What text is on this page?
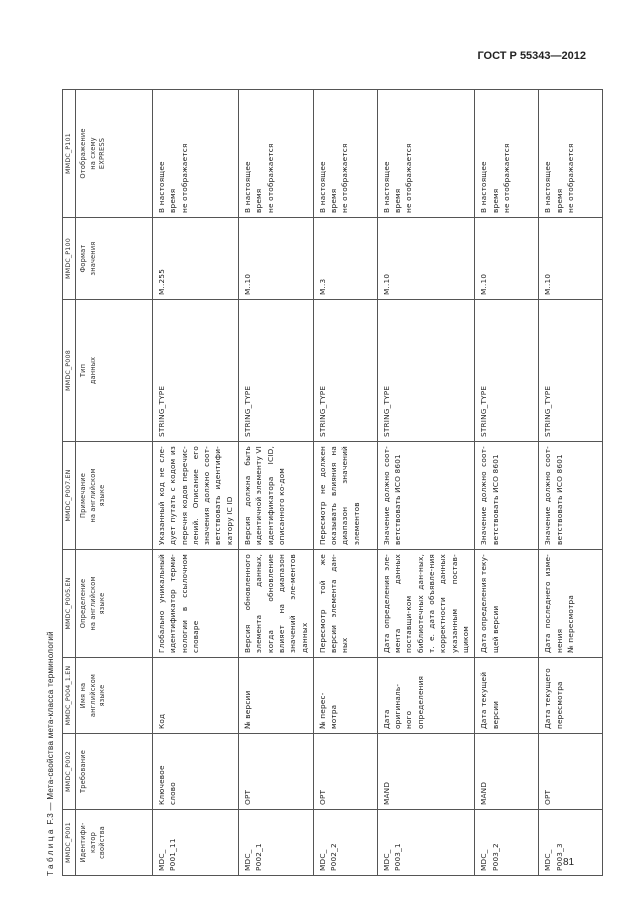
ГОСТ Р 55343—2012
Таблица F.3 — Мета-свойства мета-класса терминологий
MMDC_P001	MMDC_P002	MMDC_P004_1.EN	MMDC_P005.EN	MMDC_P007.EN	MMDC_P008	MMDC_P100	MMDC_P101
Идентифи- катор свойства	Требование	Имя на английском языке	Определение на английском языке	Примечание на английском языке	Тип данных	Формат значения	Отображение на схему EXPRESS
MDC_ P001_11	Ключевое слово	Код	Глобально уникальный идентификатор терми-нологии в ссылочном словаре	Указанный код не сле-дует путать с кодом из перечня кодов перечис-лений. Описание его значения должно соот-ветствовать идентифи-катору IC ID	STRING_TYPE	M..255	В настоящее время не отображается
MDC_ P002_1	OPT	№ версии	Версия обновленного элемента данных, когда обновление влияет на диапазон значений эле-ментов данных	Версия должна быть идентичной элементу VI идентификатора ICID, описанного ко-дом	STRING_TYPE	M..10	В настоящее время не отображается
MDC_ P002_2	OPT	№ перес- мотра	Пересмотр той же версии элемента дан-ных	Пересмотр не должен оказывать влияния на диапазон значений элементов	STRING_TYPE	M..3	В настоящее время не отображается
MDC_ P003_1	MAND	Дата оригиналь- ного определения	Дата определения эле-мента данных поставщи-ком библиотечных дан-ных, т. е. дата объявле-ния корректности данных указанным постав-щиком	Значение должно соот-ветствовать ИСО 8601	STRING_TYPE	M..10	В настоящее время не отображается
MDC_ P003_2	MAND	Дата текущей версии	Дата определения теку-щей версии	Значение должно соот-ветствовать ИСО 8601	STRING_TYPE	M..10	В настоящее время не отображается
MDC_ P003_3	OPT	Дата текущего пересмотра	Дата последнего изме-нения № пересмотра	Значение должно соот-ветствовать ИСО 8601	STRING_TYPE	M..10	В настоящее время не отображается
81
